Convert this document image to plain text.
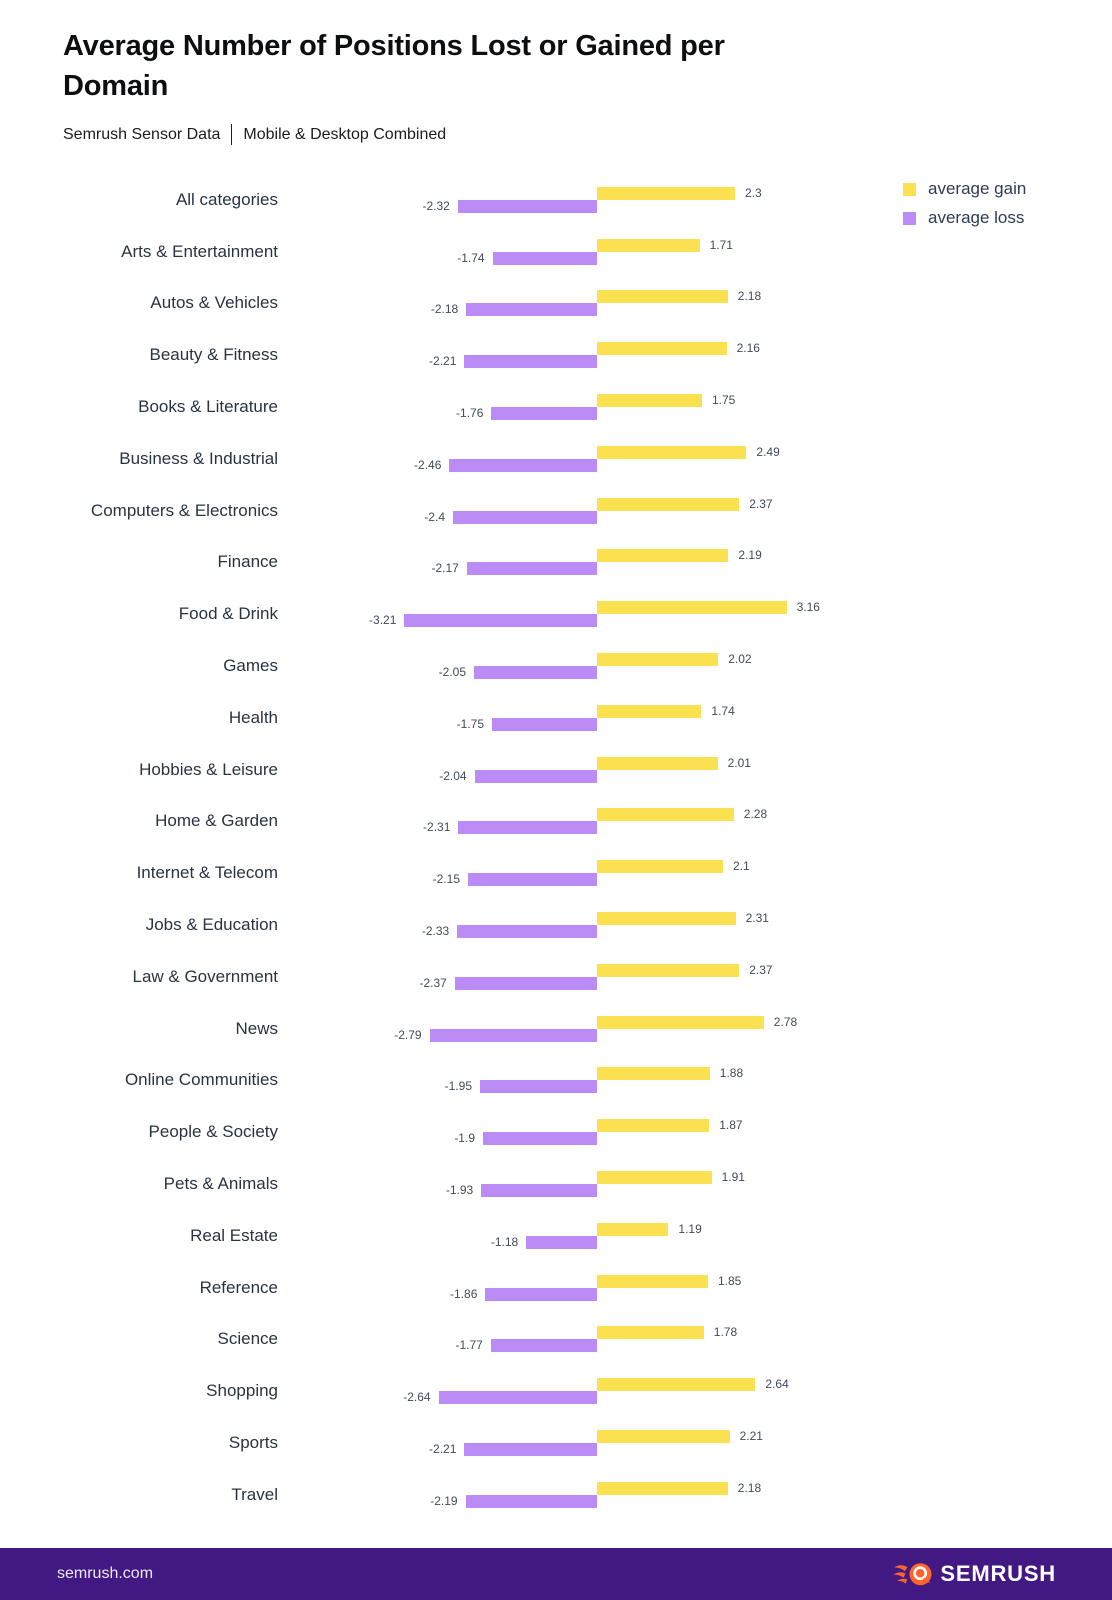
Average Number of Positions Lost or Gained per Domain
Semrush Sensor Data Mobile & Desktop Combined
average gain
average loss
All categories	2.3
-2.32
Arts & Entertainment	1.71
-1.74
Autos & Vehicles	2.18
-2.18
Beauty & Fitness	2.16
-2.21
Books & Literature	1.75
-1.76
Business & Industrial	2.49
-2.46
Computers & Electronics	2.37
-2.4
Finance	2.19
-2.17
Food & Drink	3.16
-3.21
Games	2.02
-2.05
Health	1.74
-1.75
Hobbies & Leisure	2.01
-2.04
Home & Garden	2.28
-2.31
Internet & Telecom	2.1
-2.15
Jobs & Education	2.31
-2.33
Law & Government	2.37
-2.37
News	2.78
-2.79
Online Communities	1.88
-1.95
People & Society	1.87
-1.9
Pets & Animals	1.91
-1.93
Real Estate	1.19
-1.18
Reference	1.85
-1.86
Science	1.78
-1.77
Shopping	2.64
-2.64
Sports	2.21
-2.21
Travel	2.18
-2.19
semrush.com	SEMRUSH
